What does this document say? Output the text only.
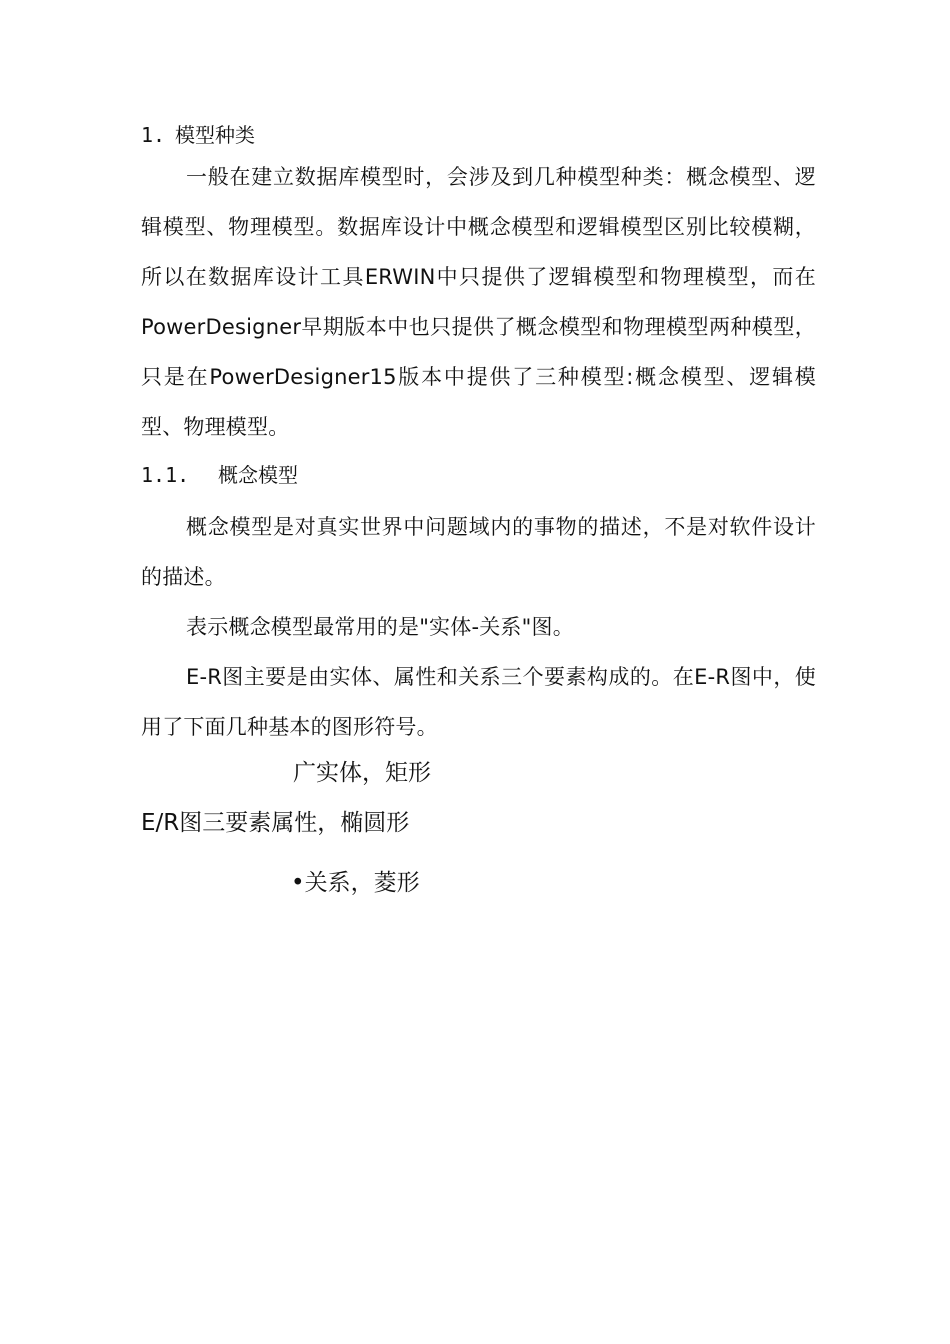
1. 模型种类
一般在建立数据库模型时，会涉及到几种模型种类：概念模型、逻辑模型、物理模型。数据库设计中概念模型和逻辑模型区别比较模糊，所以在数据库设计工具ERWIN中只提供了逻辑模型和物理模型，而在PowerDesigner早期版本中也只提供了概念模型和物理模型两种模型，只是在PowerDesigner15版本中提供了三种模型:概念模型、逻辑模型、物理模型。
1.1. 概念模型
概念模型是对真实世界中问题域内的事物的描述，不是对软件设计的描述。
表示概念模型最常用的是"实体-关系"图。
E-R图主要是由实体、属性和关系三个要素构成的。在E-R图中，使用了下面几种基本的图形符号。
广实体，矩形
E/R图三要素属性，椭圆形
•关系，菱形
